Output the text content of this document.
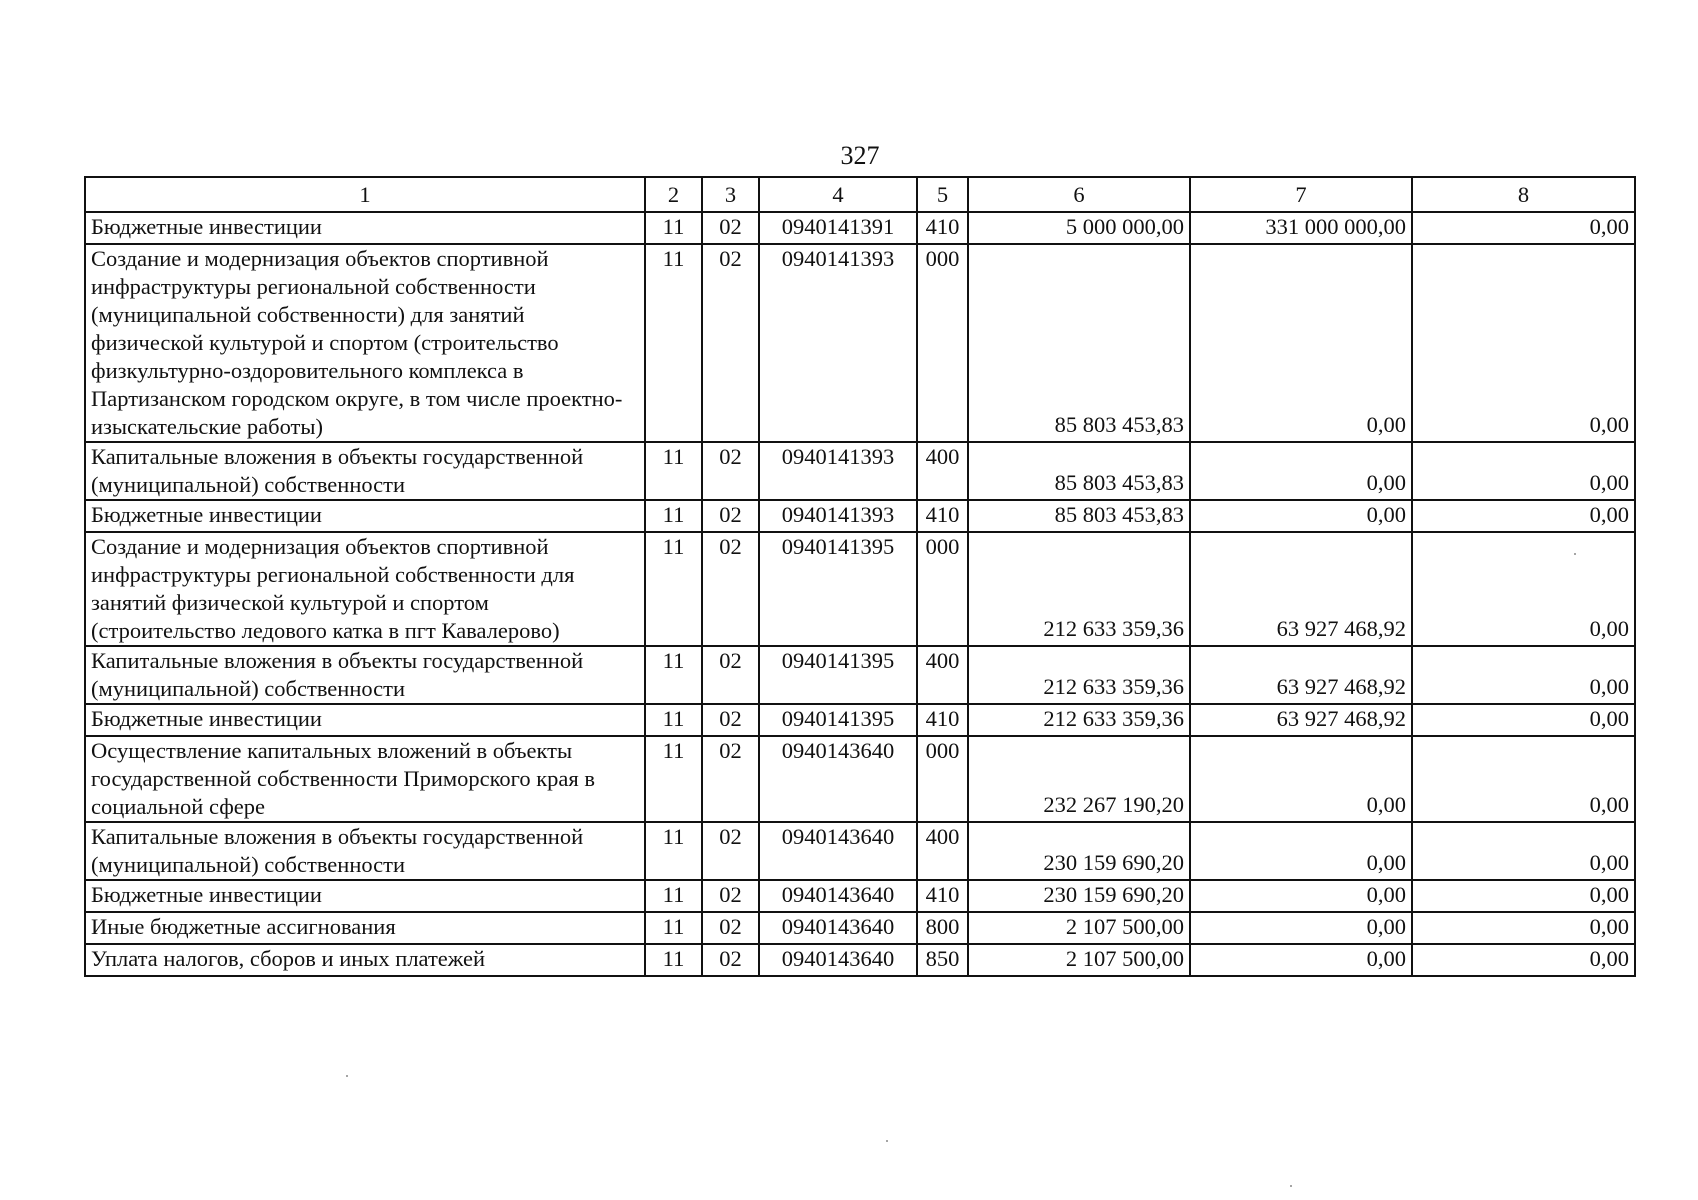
327
1	2	3	4	5	6	7	8
Бюджетные инвестиции	11	02	0940141391	410	5 000 000,00	331 000 000,00	0,00
Создание и модернизация объектов спортивной инфраструктуры региональной собственности (муниципальной собственности) для занятий физической культурой и спортом (строительство физкультурно-оздоровительного комплекса в Партизанском городском округе, в том числе проектно-изыскательские работы)	11	02	0940141393	000	85 803 453,83	0,00	0,00
Капитальные вложения в объекты государственной (муниципальной) собственности	11	02	0940141393	400	85 803 453,83	0,00	0,00
Бюджетные инвестиции	11	02	0940141393	410	85 803 453,83	0,00	0,00
Создание и модернизация объектов спортивной инфраструктуры региональной собственности для занятий физической культурой и спортом (строительство ледового катка в пгт Кавалерово)	11	02	0940141395	000	212 633 359,36	63 927 468,92	0,00
Капитальные вложения в объекты государственной (муниципальной) собственности	11	02	0940141395	400	212 633 359,36	63 927 468,92	0,00
Бюджетные инвестиции	11	02	0940141395	410	212 633 359,36	63 927 468,92	0,00
Осуществление капитальных вложений в объекты государственной собственности Приморского края в социальной сфере	11	02	0940143640	000	232 267 190,20	0,00	0,00
Капитальные вложения в объекты государственной (муниципальной) собственности	11	02	0940143640	400	230 159 690,20	0,00	0,00
Бюджетные инвестиции	11	02	0940143640	410	230 159 690,20	0,00	0,00
Иные бюджетные ассигнования	11	02	0940143640	800	2 107 500,00	0,00	0,00
Уплата налогов, сборов и иных платежей	11	02	0940143640	850	2 107 500,00	0,00	0,00
